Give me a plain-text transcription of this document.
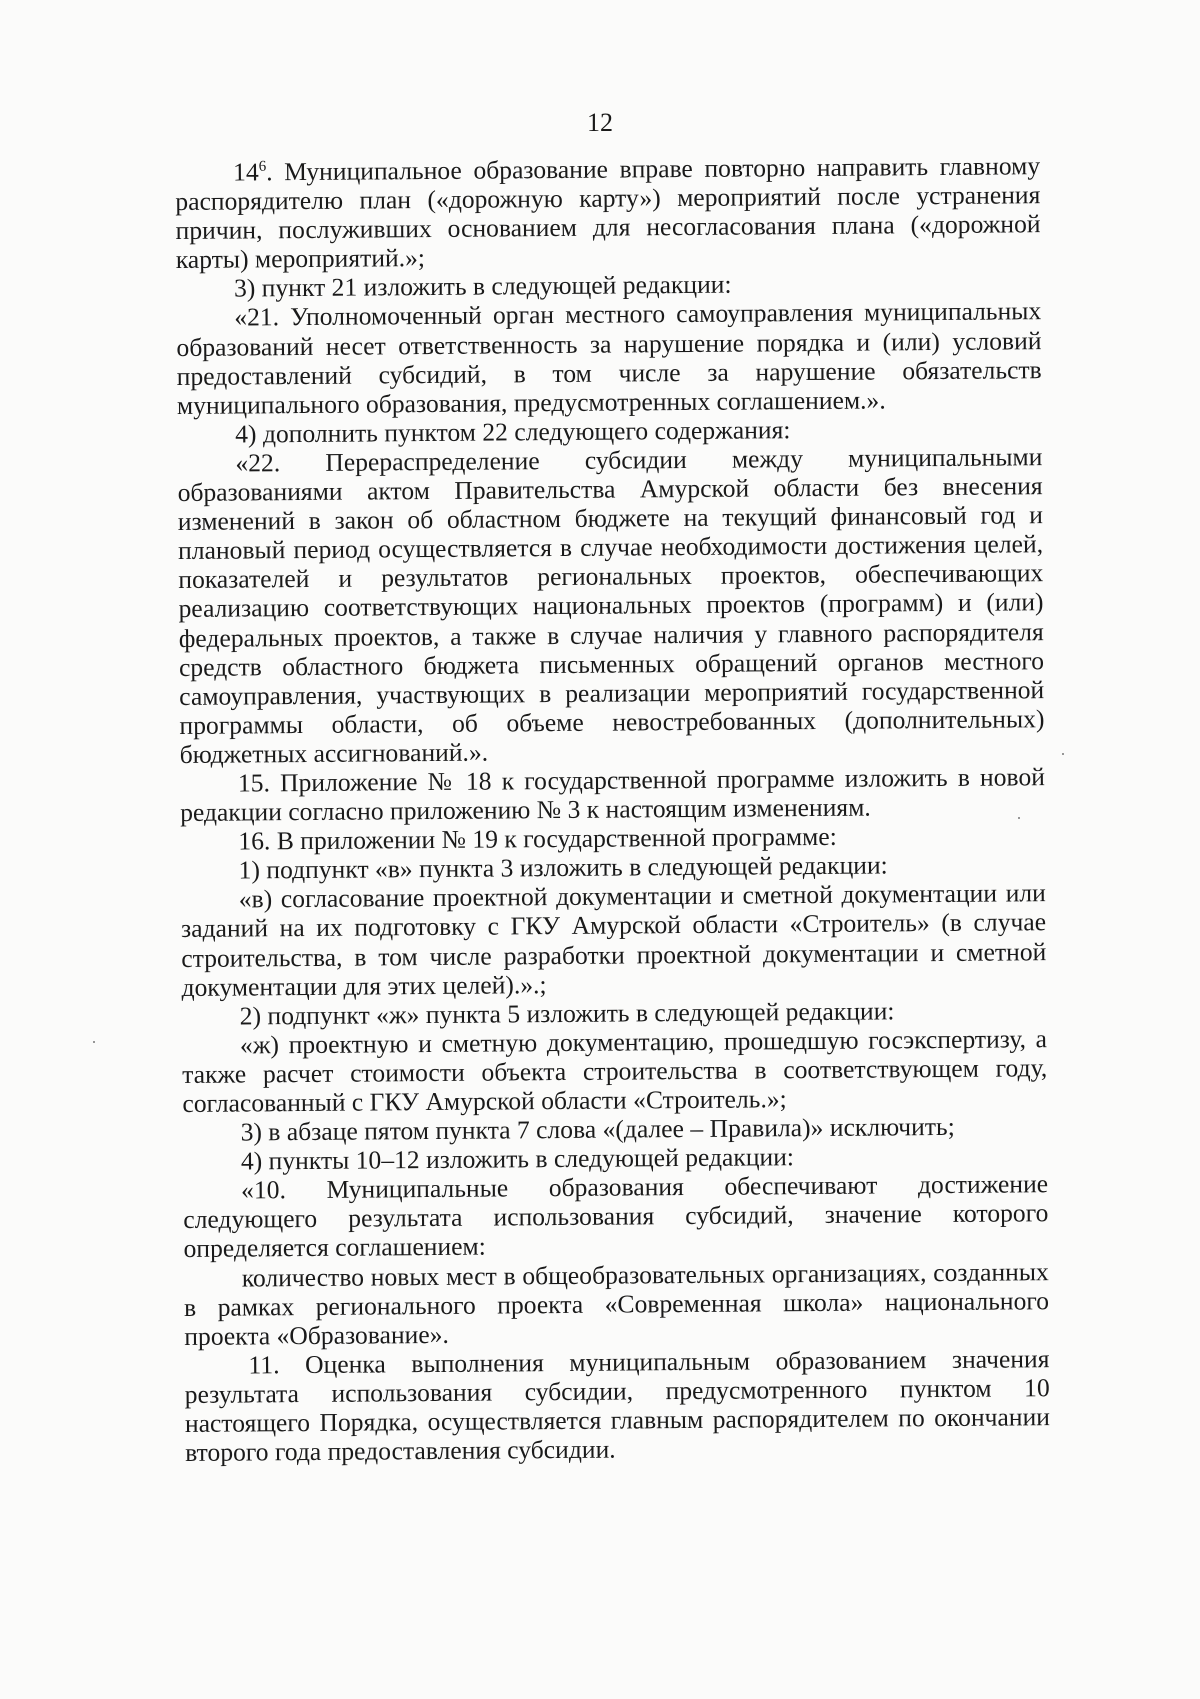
12

$14^6$. Муниципальное образование вправе повторно направить главному распорядителю план («дорожную карту») мероприятий после устранения причин, послуживших основанием для несогласования плана («дорожной карты) мероприятий.»;

3) пункт 21 изложить в следующей редакции:

«21. Уполномоченный орган местного самоуправления муниципальных образований несет ответственность за нарушение порядка и (или) условий предоставлений субсидий, в том числе за нарушение обязательств муниципального образования, предусмотренных соглашением.».

4) дополнить пунктом 22 следующего содержания:

«22. Перераспределение субсидии между муниципальными образованиями актом Правительства Амурской области без внесения изменений в закон об областном бюджете на текущий финансовый год и плановый период осуществляется в случае необходимости достижения целей, показателей и результатов региональных проектов, обеспечивающих реализацию соответствующих национальных проектов (программ) и (или) федеральных проектов, а также в случае наличия у главного распорядителя средств областного бюджета письменных обращений органов местного самоуправления, участвующих в реализации мероприятий государственной программы области, об объеме невостребованных (дополнительных) бюджетных ассигнований.».

15. Приложение № 18 к государственной программе изложить в новой редакции согласно приложению № 3 к настоящим изменениям.

16. В приложении № 19 к государственной программе:

1) подпункт «в» пункта 3 изложить в следующей редакции:

«в) согласование проектной документации и сметной документации или заданий на их подготовку с ГКУ Амурской области «Строитель» (в случае строительства, в том числе разработки проектной документации и сметной документации для этих целей).».;

2) подпункт «ж» пункта 5 изложить в следующей редакции:

«ж) проектную и сметную документацию, прошедшую госэкспертизу, а также расчет стоимости объекта строительства в соответствующем году, согласованный с ГКУ Амурской области «Строитель.»;

3) в абзаце пятом пункта 7 слова «(далее – Правила)» исключить;

4) пункты 10–12 изложить в следующей редакции:

«10. Муниципальные образования обеспечивают достижение следующего результата использования субсидий, значение которого определяется соглашением:

количество новых мест в общеобразовательных организациях, созданных в рамках регионального проекта «Современная школа» национального проекта «Образование».

11. Оценка выполнения муниципальным образованием значения результата использования субсидии, предусмотренного пунктом 10 настоящего Порядка, осуществляется главным распорядителем по окончании второго года предоставления субсидии.
